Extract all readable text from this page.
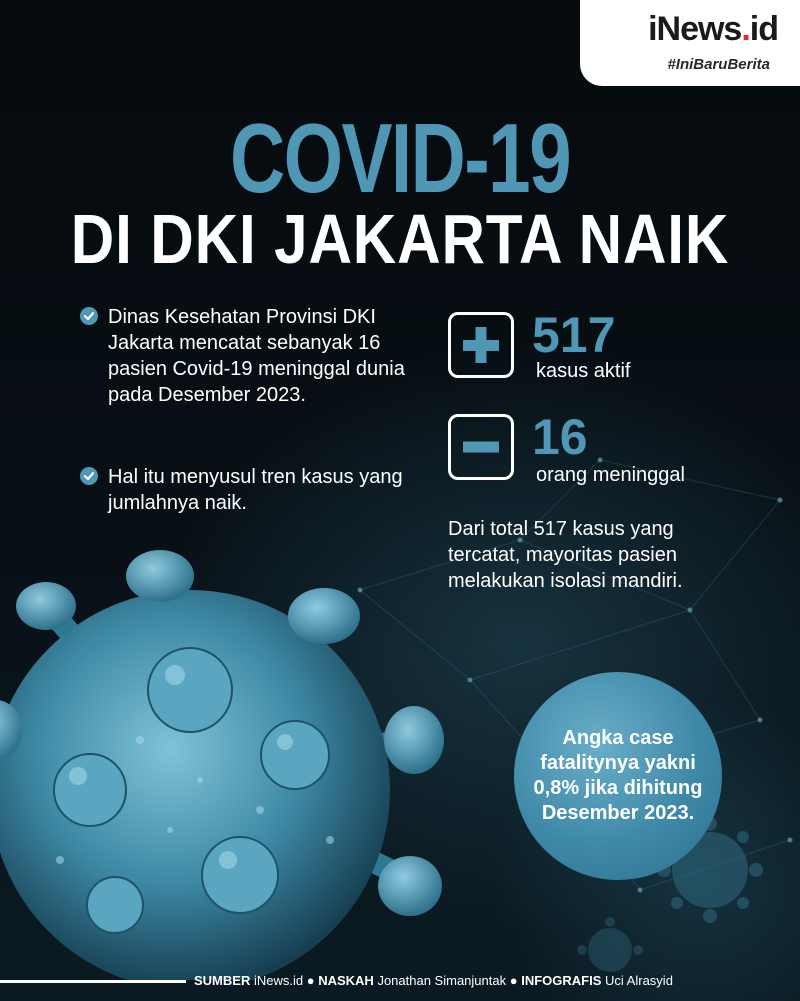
iNews.id
#IniBaruBerita
COVID-19
DI DKI JAKARTA NAIK
Dinas Kesehatan Provinsi DKI Jakarta mencatat sebanyak 16 pasien Covid-19 meninggal dunia pada Desember 2023.
Hal itu menyusul tren kasus yang jumlahnya naik.
517
kasus aktif
16
orang meninggal
Dari total 517 kasus yang tercatat, mayoritas pasien melakukan isolasi mandiri.
Angka case fatalitynya yakni 0,8% jika dihitung Desember 2023.
SUMBER iNews.id ● NASKAH Jonathan Simanjuntak ● INFOGRAFIS Uci Alrasyid
